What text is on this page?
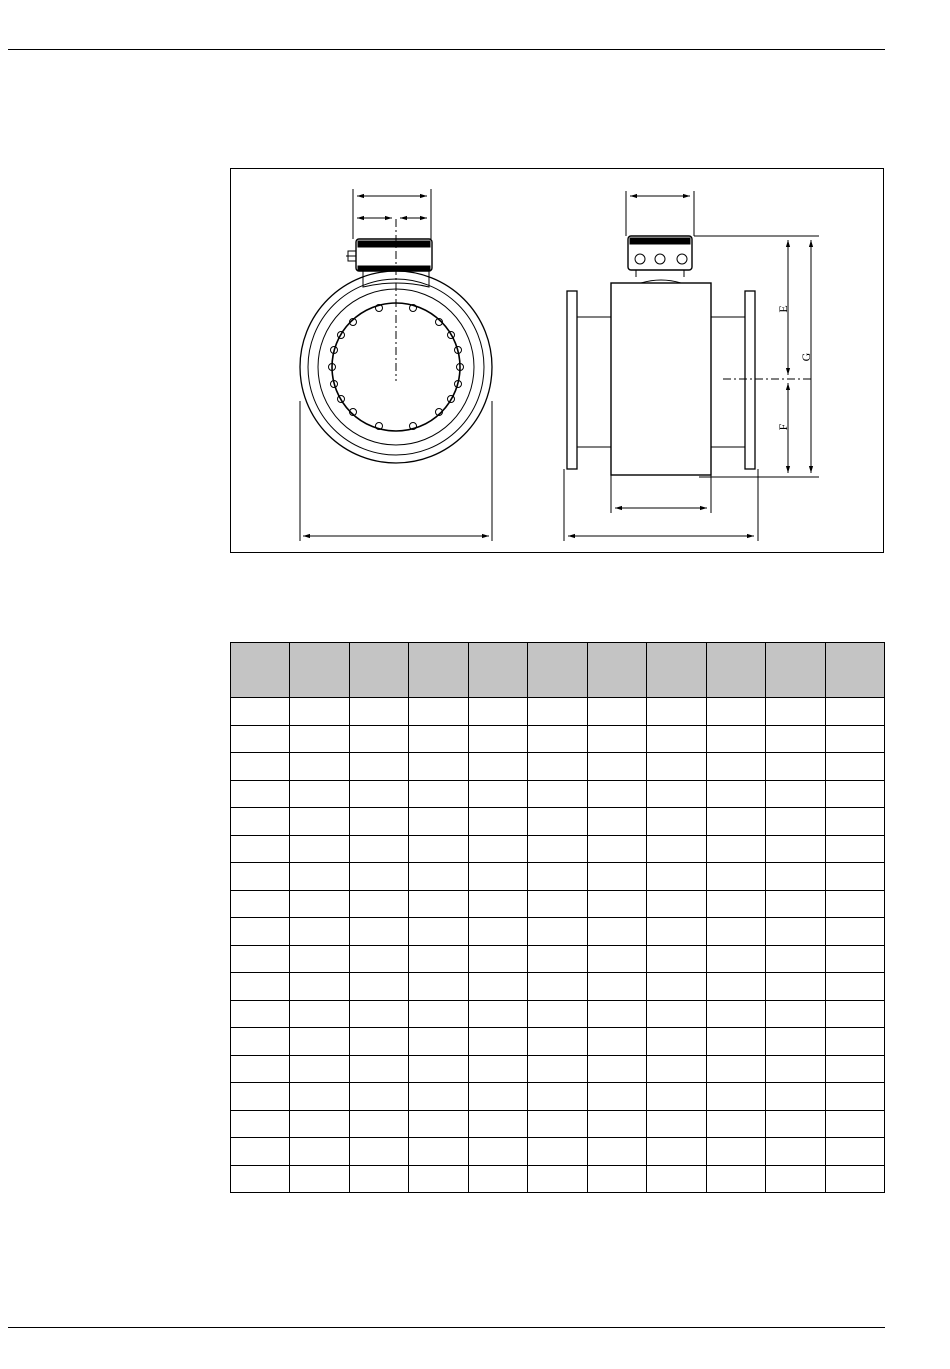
E
F
G
